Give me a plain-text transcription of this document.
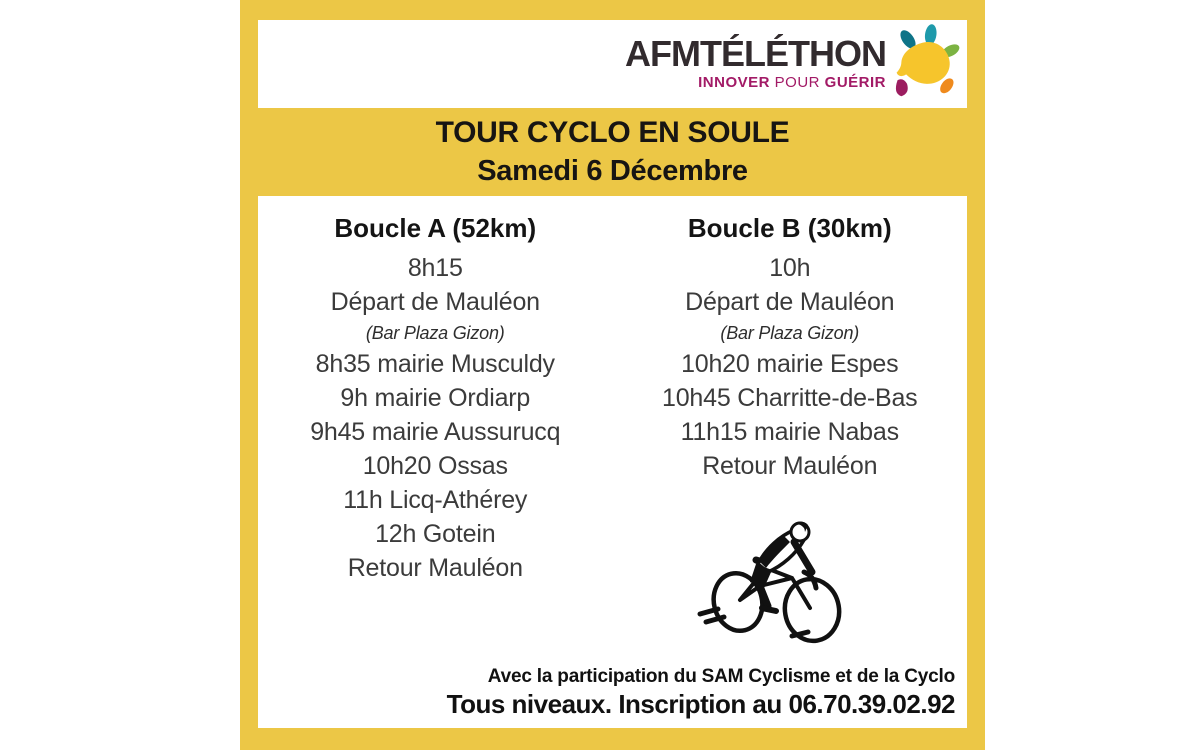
AFMTÉLÉTHON
INNOVER POUR GUÉRIR
TOUR CYCLO EN SOULE
Samedi 6 Décembre
Boucle A (52km)
8h15
Départ de Mauléon
(Bar Plaza Gizon)
8h35 mairie Musculdy
9h mairie Ordiarp
9h45 mairie Aussurucq
10h20 Ossas
11h Licq-Athérey
12h Gotein
Retour Mauléon
Boucle B (30km)
10h
Départ de Mauléon
(Bar Plaza Gizon)
10h20 mairie Espes
10h45 Charritte-de-Bas
11h15 mairie Nabas
Retour Mauléon
Avec la participation du SAM Cyclisme et de la Cyclo
Tous niveaux. Inscription au 06.70.39.02.92
